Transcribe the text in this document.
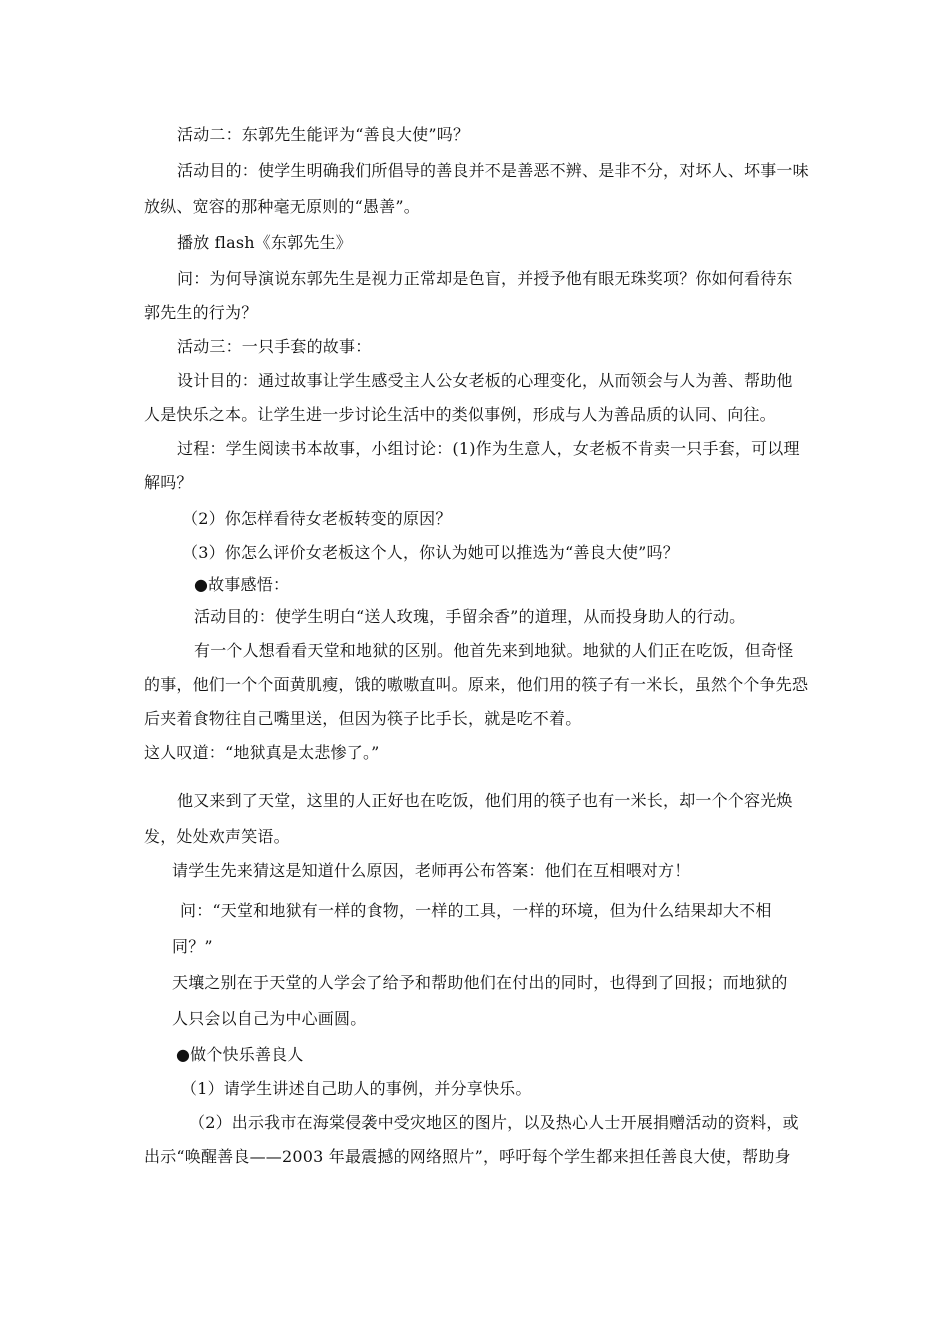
活动二：东郭先生能评为“善良大使”吗？
活动目的：使学生明确我们所倡导的善良并不是善恶不辨、是非不分，对坏人、坏事一味
放纵、宽容的那种毫无原则的“愚善”。
播放 flash《东郭先生》
问：为何导演说东郭先生是视力正常却是色盲，并授予他有眼无珠奖项？你如何看待东
郭先生的行为？
活动三：一只手套的故事：
设计目的：通过故事让学生感受主人公女老板的心理变化，从而领会与人为善、帮助他
人是快乐之本。让学生进一步讨论生活中的类似事例，形成与人为善品质的认同、向往。
过程：学生阅读书本故事，小组讨论：(1)作为生意人，女老板不肯卖一只手套，可以理
解吗？
（2）你怎样看待女老板转变的原因？
（3）你怎么评价女老板这个人，你认为她可以推选为“善良大使”吗？
●故事感悟：
活动目的：使学生明白“送人玫瑰，手留余香”的道理，从而投身助人的行动。
有一个人想看看天堂和地狱的区别。他首先来到地狱。地狱的人们正在吃饭，但奇怪
的事，他们一个个面黄肌瘦，饿的嗷嗷直叫。原来，他们用的筷子有一米长，虽然个个争先恐
后夹着食物往自己嘴里送，但因为筷子比手长，就是吃不着。
这人叹道：“地狱真是太悲惨了。”
他又来到了天堂，这里的人正好也在吃饭，他们用的筷子也有一米长，却一个个容光焕
发，处处欢声笑语。
请学生先来猜这是知道什么原因，老师再公布答案：他们在互相喂对方！
问：“天堂和地狱有一样的食物，一样的工具，一样的环境，但为什么结果却大不相
同？”
天壤之别在于天堂的人学会了给予和帮助他们在付出的同时，也得到了回报；而地狱的
人只会以自己为中心画圆。
●做个快乐善良人
（1）请学生讲述自己助人的事例，并分享快乐。
（2）出示我市在海棠侵袭中受灾地区的图片，以及热心人士开展捐赠活动的资料，或
出示“唤醒善良——2003 年最震撼的网络照片”，呼吁每个学生都来担任善良大使，帮助身
